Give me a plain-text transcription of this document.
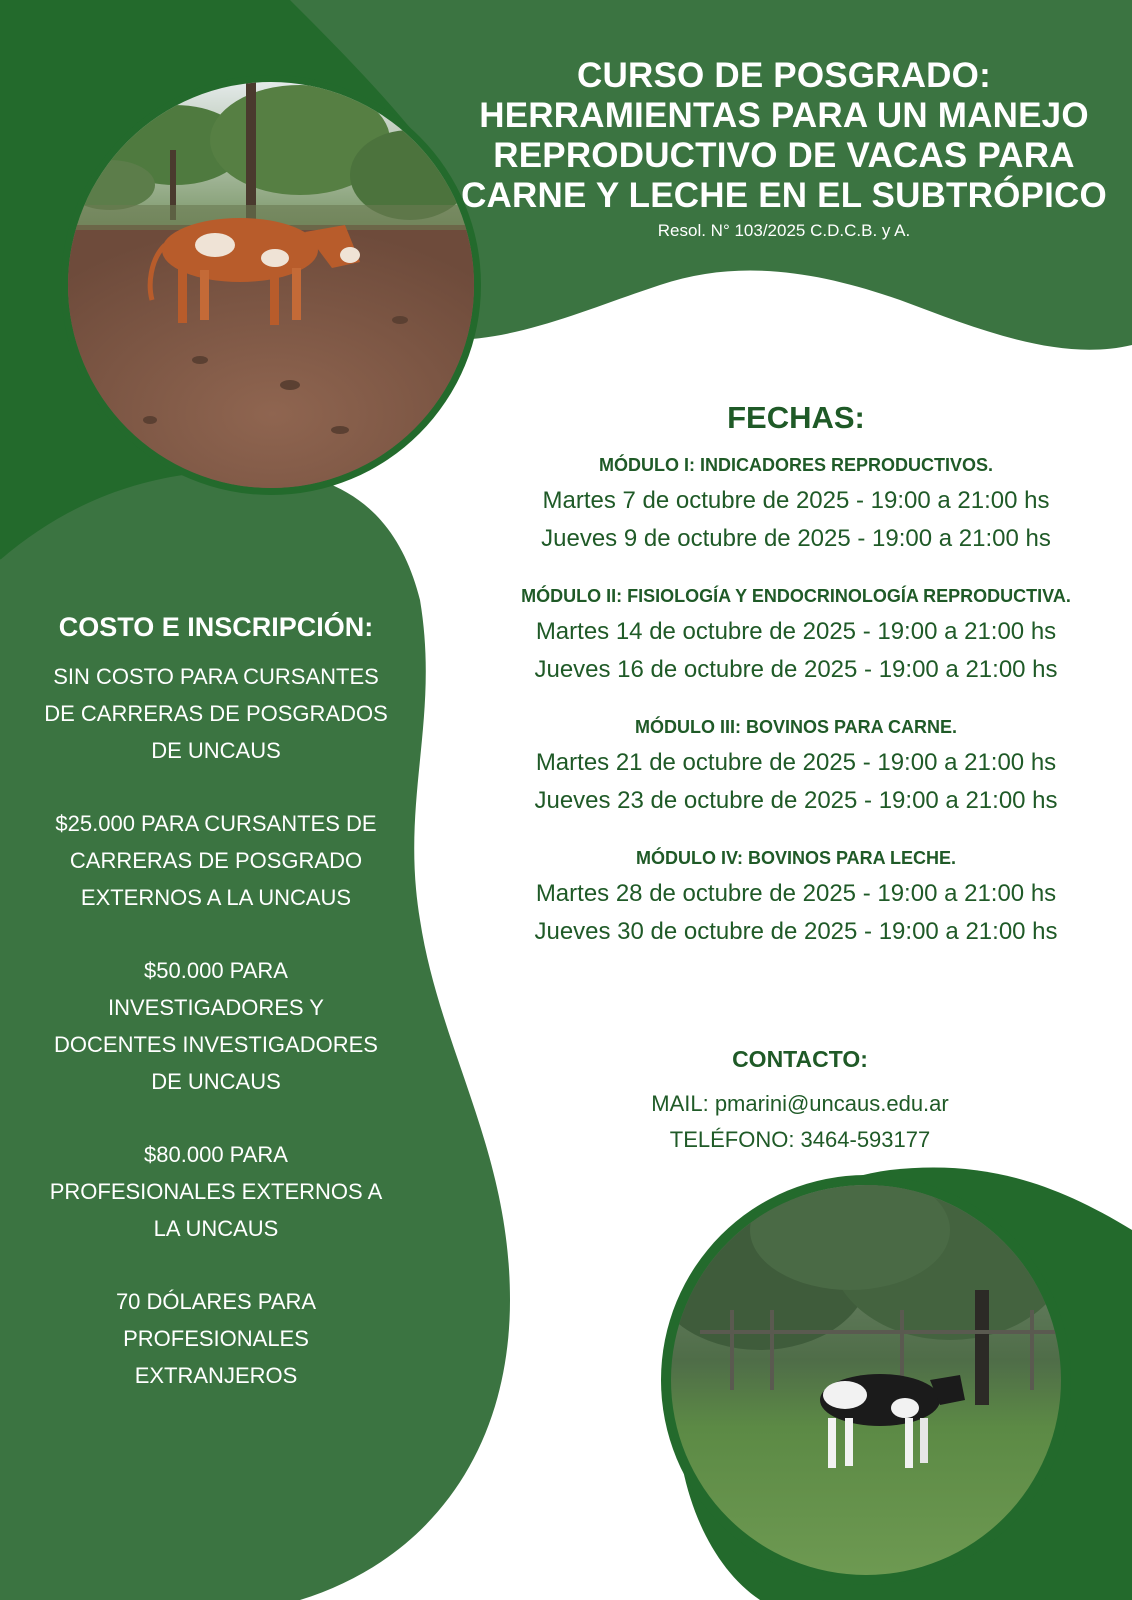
CURSO DE POSGRADO:
HERRAMIENTAS PARA UN MANEJO
REPRODUCTIVO DE VACAS PARA
CARNE Y LECHE EN EL SUBTRÓPICO
Resol. N° 103/2025 C.D.C.B. y A.
COSTO E INSCRIPCIÓN:
SIN COSTO PARA CURSANTES
DE CARRERAS DE POSGRADOS
DE UNCAUS
$25.000 PARA CURSANTES DE
CARRERAS DE POSGRADO
EXTERNOS A LA UNCAUS
$50.000 PARA
INVESTIGADORES Y
DOCENTES INVESTIGADORES
DE UNCAUS
$80.000 PARA
PROFESIONALES EXTERNOS A
LA UNCAUS
70 DÓLARES PARA
PROFESIONALES
EXTRANJEROS
FECHAS:
MÓDULO I: INDICADORES REPRODUCTIVOS.
Martes 7 de octubre de 2025 - 19:00 a 21:00 hs
Jueves 9 de octubre de 2025 - 19:00 a 21:00 hs
MÓDULO II: FISIOLOGÍA Y ENDOCRINOLOGÍA REPRODUCTIVA.
Martes 14 de octubre de 2025 - 19:00 a 21:00 hs
Jueves 16 de octubre de 2025 - 19:00 a 21:00 hs
MÓDULO III: BOVINOS PARA CARNE.
Martes 21 de octubre de 2025 - 19:00 a 21:00 hs
Jueves 23 de octubre de 2025 - 19:00 a 21:00 hs
MÓDULO IV: BOVINOS PARA LECHE.
Martes 28 de octubre de 2025 - 19:00 a 21:00 hs
Jueves 30 de octubre de 2025 - 19:00 a 21:00 hs
CONTACTO:
MAIL: pmarini@uncaus.edu.ar
TELÉFONO: 3464-593177
